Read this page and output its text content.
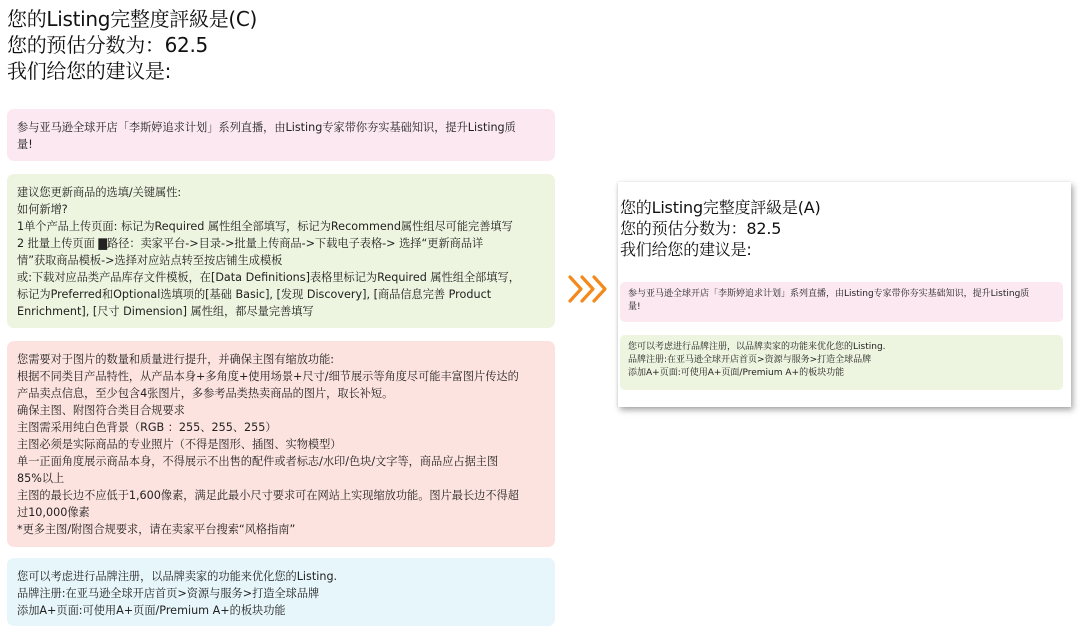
您的Listing完整度評級是(C)
您的预估分数为：62.5
我们给您的建议是:
参与亚马逊全球开店「李斯婷追求计划」系列直播，由Listing专家带你夯实基础知识，提升Listing质
量!
建议您更新商品的选填/关键属性:
如何新增?
1单个产品上传页面: 标记为Required 属性组全部填写，标记为Recommend属性组尽可能完善填写
2 批量上传页面 ▇路径：卖家平台->目录->批量上传商品->下载电子表格-> 选择“更新商品详
情”获取商品模板->选择对应站点转至按店铺生成模板
或:下载对应品类产品库存文件模板，在[Data Definitions]表格里标记为Required 属性组全部填写，
标记为Preferred和Optional选填项的[基础 Basic], [发现 Discovery], [商品信息完善 Product
Enrichment], [尺寸 Dimension] 属性组，都尽量完善填写
您需要对于图片的数量和质量进行提升，并确保主图有缩放功能:
根据不同类目产品特性，从产品本身+多角度+使用场景+尺寸/细节展示等角度尽可能丰富图片传达的
产品卖点信息，至少包含4张图片，多参考品类热卖商品的图片，取长补短。
确保主图、附图符合类目合规要求
主图需采用纯白色背景（RGB ：255、255、255）
主图必须是实际商品的专业照片（不得是图形、插图、实物模型）
单一正面角度展示商品本身，不得展示不出售的配件或者标志/水印/色块/文字等，商品应占据主图
85%以上
主图的最长边不应低于1,600像素，满足此最小尺寸要求可在网站上实现缩放功能。图片最长边不得超
过10,000像素
*更多主图/附图合规要求，请在卖家平台搜索“风格指南”
您可以考虑进行品牌注册，以品牌卖家的功能来优化您的Listing.
品牌注册:在亚马逊全球开店首页>资源与服务>打造全球品牌
添加A+页面:可使用A+页面/Premium A+的板块功能
您的Listing完整度評級是(A)
您的预估分数为：82.5
我们给您的建议是:
参与亚马逊全球开店「李斯婷追求计划」系列直播，由Listing专家带你夯实基础知识，提升Listing质
量!
您可以考虑进行品牌注册，以品牌卖家的功能来优化您的Listing.
品牌注册:在亚马逊全球开店首页>资源与服务>打造全球品牌
添加A+页面:可使用A+页面/Premium A+的板块功能
